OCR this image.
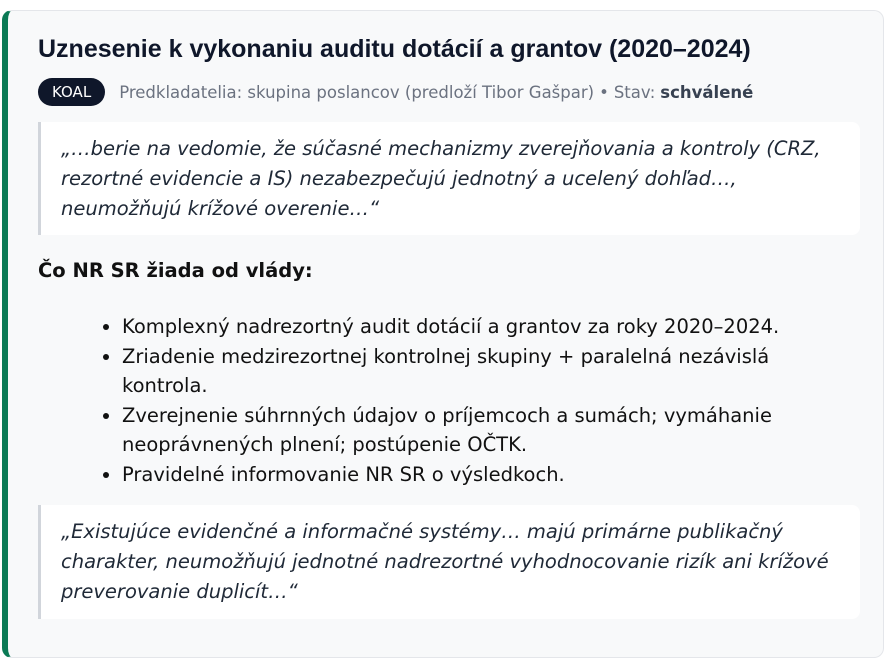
Uznesenie k vykonaniu auditu dotácií a grantov (2020–2024)
KOAL	Predkladatelia: skupina poslancov (predloží Tibor Gašpar) • Stav: schválené
„…berie na vedomie, že súčasné mechanizmy zverejňovania a kontroly (CRZ, rezortné evidencie a IS) nezabezpečujú jednotný a ucelený dohľad…, neumožňujú krížové overenie…“
Čo NR SR žiada od vlády:
• Komplexný nadrezortný audit dotácií a grantov za roky 2020–2024.
• Zriadenie medzirezortnej kontrolnej skupiny + paralelná nezávislá kontrola.
• Zverejnenie súhrnných údajov o príjemcoch a sumách; vymáhanie neoprávnených plnení; postúpenie OČTK.
• Pravidelné informovanie NR SR o výsledkoch.
„Existujúce evidenčné a informačné systémy… majú primárne publikačný charakter, neumožňujú jednotné nadrezortné vyhodnocovanie rizík ani krížové preverovanie duplicít…“
